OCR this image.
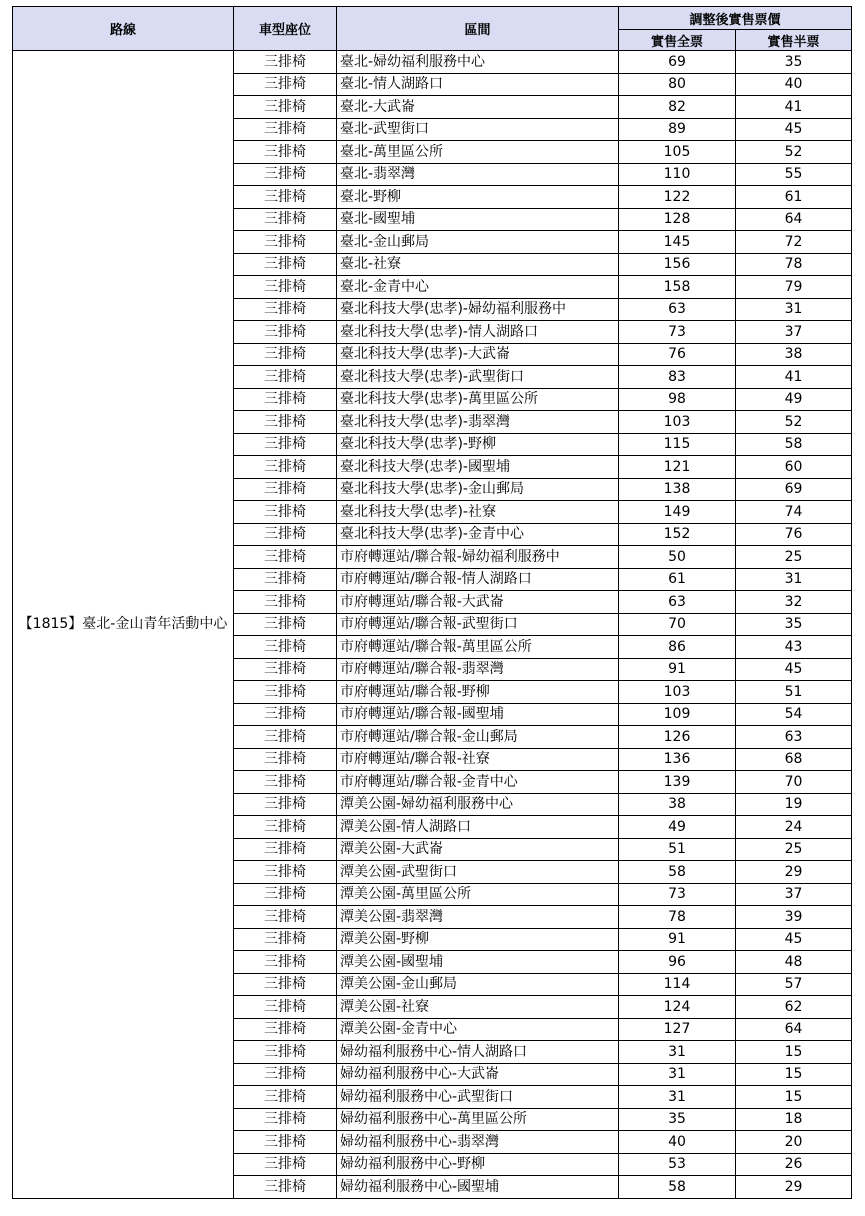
路線	車型座位	區間	調整後實售票價	
			實售全票	實售半票
【1815】臺北-金山青年活動中心	三排椅	臺北-婦幼福利服務中心	69	35
	三排椅	臺北-情人湖路口	80	40
	三排椅	臺北-大武崙	82	41
	三排椅	臺北-武聖街口	89	45
	三排椅	臺北-萬里區公所	105	52
	三排椅	臺北-翡翠灣	110	55
	三排椅	臺北-野柳	122	61
	三排椅	臺北-國聖埔	128	64
	三排椅	臺北-金山郵局	145	72
	三排椅	臺北-社寮	156	78
	三排椅	臺北-金青中心	158	79
	三排椅	臺北科技大學(忠孝)-婦幼福利服務中	63	31
	三排椅	臺北科技大學(忠孝)-情人湖路口	73	37
	三排椅	臺北科技大學(忠孝)-大武崙	76	38
	三排椅	臺北科技大學(忠孝)-武聖街口	83	41
	三排椅	臺北科技大學(忠孝)-萬里區公所	98	49
	三排椅	臺北科技大學(忠孝)-翡翠灣	103	52
	三排椅	臺北科技大學(忠孝)-野柳	115	58
	三排椅	臺北科技大學(忠孝)-國聖埔	121	60
	三排椅	臺北科技大學(忠孝)-金山郵局	138	69
	三排椅	臺北科技大學(忠孝)-社寮	149	74
	三排椅	臺北科技大學(忠孝)-金青中心	152	76
	三排椅	市府轉運站/聯合報-婦幼福利服務中	50	25
	三排椅	市府轉運站/聯合報-情人湖路口	61	31
	三排椅	市府轉運站/聯合報-大武崙	63	32
	三排椅	市府轉運站/聯合報-武聖街口	70	35
	三排椅	市府轉運站/聯合報-萬里區公所	86	43
	三排椅	市府轉運站/聯合報-翡翠灣	91	45
	三排椅	市府轉運站/聯合報-野柳	103	51
	三排椅	市府轉運站/聯合報-國聖埔	109	54
	三排椅	市府轉運站/聯合報-金山郵局	126	63
	三排椅	市府轉運站/聯合報-社寮	136	68
	三排椅	市府轉運站/聯合報-金青中心	139	70
	三排椅	潭美公園-婦幼福利服務中心	38	19
	三排椅	潭美公園-情人湖路口	49	24
	三排椅	潭美公園-大武崙	51	25
	三排椅	潭美公園-武聖街口	58	29
	三排椅	潭美公園-萬里區公所	73	37
	三排椅	潭美公園-翡翠灣	78	39
	三排椅	潭美公園-野柳	91	45
	三排椅	潭美公園-國聖埔	96	48
	三排椅	潭美公園-金山郵局	114	57
	三排椅	潭美公園-社寮	124	62
	三排椅	潭美公園-金青中心	127	64
	三排椅	婦幼福利服務中心-情人湖路口	31	15
	三排椅	婦幼福利服務中心-大武崙	31	15
	三排椅	婦幼福利服務中心-武聖街口	31	15
	三排椅	婦幼福利服務中心-萬里區公所	35	18
	三排椅	婦幼福利服務中心-翡翠灣	40	20
	三排椅	婦幼福利服務中心-野柳	53	26
	三排椅	婦幼福利服務中心-國聖埔	58	29
